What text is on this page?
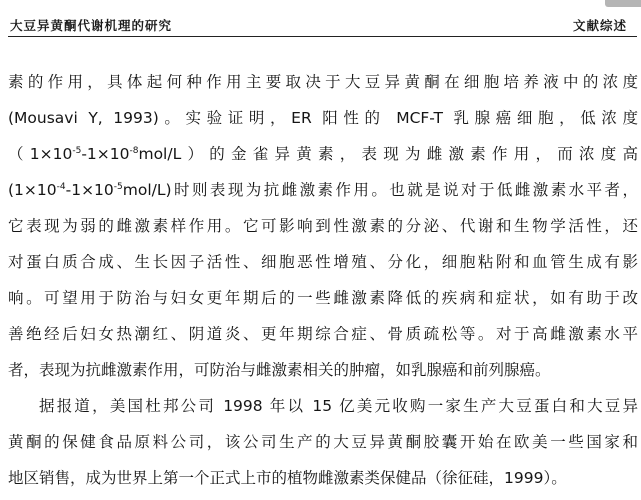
大豆异黄酮代谢机理的研究	文献综述
素的作用，具体起何种作用主要取决于大豆异黄酮在细胞培养液中的浓度
(Mousavi Y, 1993)。实验证明，ER 阳性的 MCF-T 乳腺癌细胞，低浓度
$(1\times 10^{-5}-1\times 10^{-8}mol/L)$的金雀异黄素，表现为雌激素作用，而浓度高
$(1\times 10^{-4}-1\times 10^{-5}mol/L)$时则表现为抗雌激素作用。也就是说对于低雌激素水平者，
它表现为弱的雌激素样作用。它可影响到性激素的分泌、代谢和生物学活性，还
对蛋白质合成、生长因子活性、细胞恶性增殖、分化，细胞粘附和血管生成有影
响。可望用于防治与妇女更年期后的一些雌激素降低的疾病和症状，如有助于改
善绝经后妇女热潮红、阴道炎、更年期综合症、骨质疏松等。对于高雌激素水平
者，表现为抗雌激素作用，可防治与雌激素相关的肿瘤，如乳腺癌和前列腺癌。
据报道，美国杜邦公司 1998 年以 15 亿美元收购一家生产大豆蛋白和大豆异
黄酮的保健食品原料公司，该公司生产的大豆异黄酮胶囊开始在欧美一些国家和
地区销售，成为世界上第一个正式上市的植物雌激素类保健品（徐征硅，1999）。
